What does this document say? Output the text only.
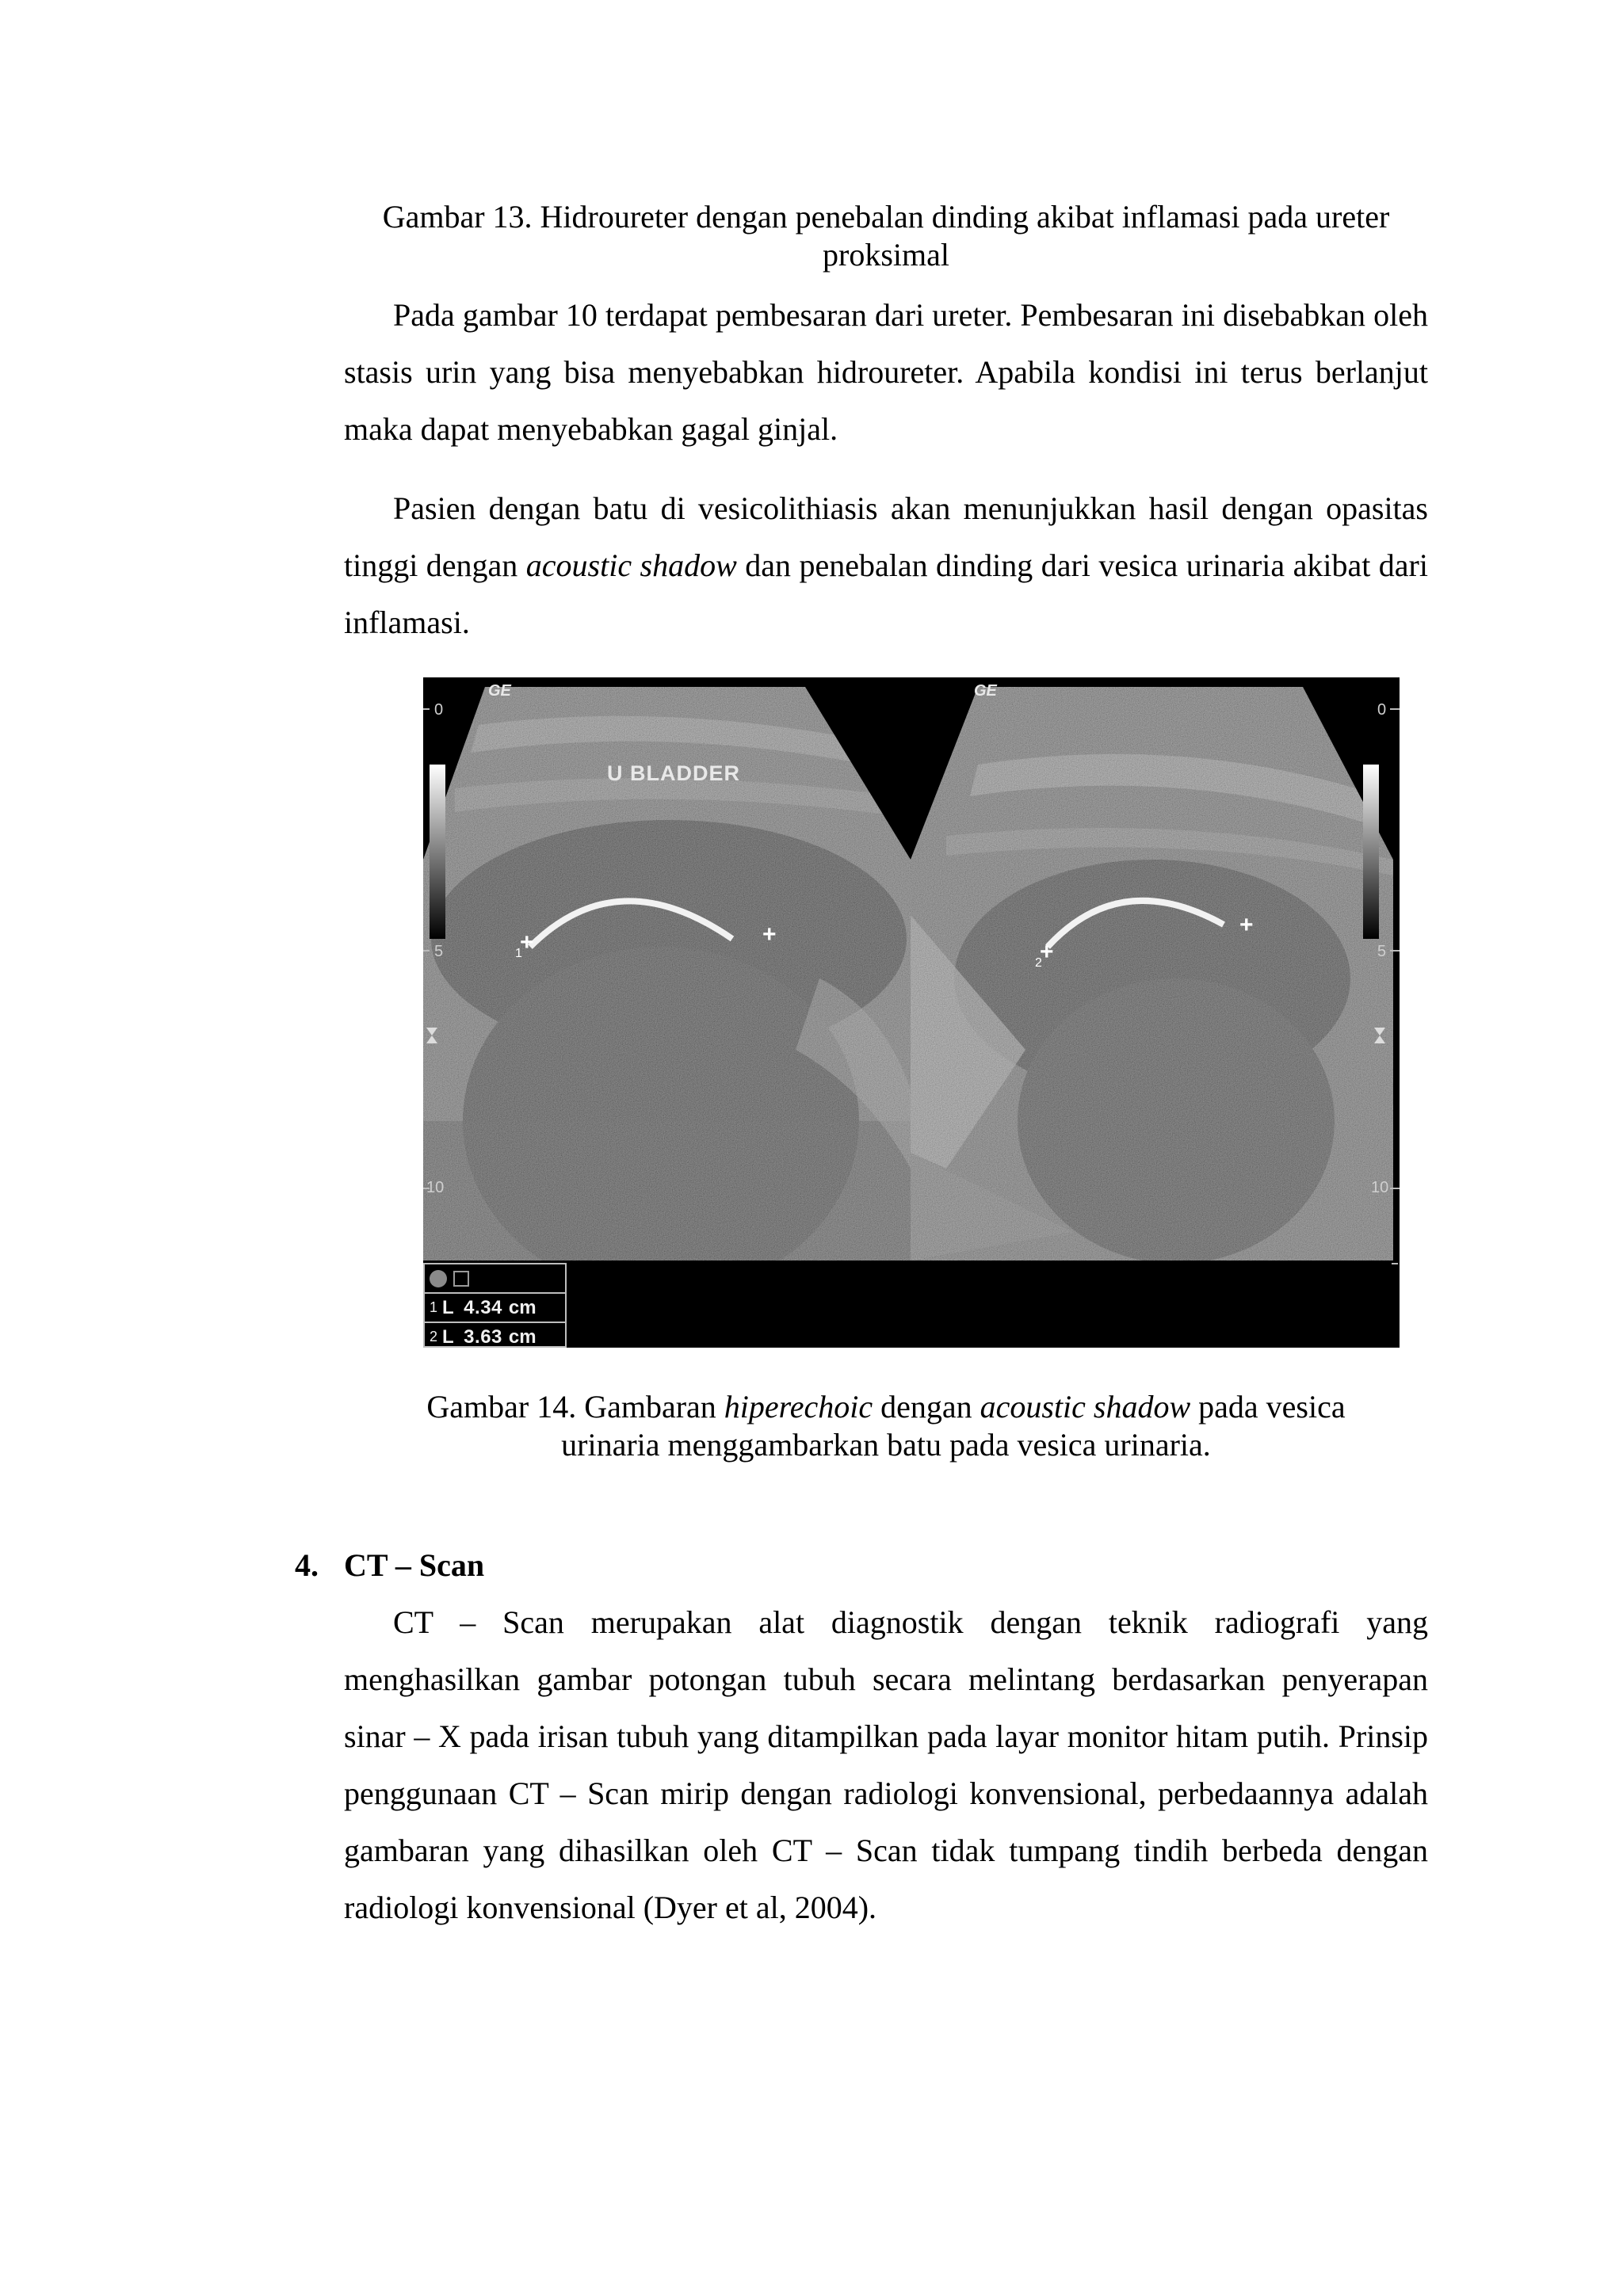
Gambar 13. Hidroureter dengan penebalan dinding akibat inflamasi pada ureter
proksimal
Pada gambar 10 terdapat pembesaran dari ureter. Pembesaran ini disebabkan oleh stasis urin yang bisa menyebabkan hidroureter. Apabila kondisi ini terus berlanjut maka dapat menyebabkan gagal ginjal.
Pasien dengan batu di vesicolithiasis akan menunjukkan hasil dengan opasitas tinggi dengan acoustic shadow dan penebalan dinding dari vesica urinaria akibat dari inflamasi.
GE	GE
U BLADDER
0
5
10
0
5
10
+
1
+
+
2
+
1 L 4.34 cm
2 L 3.63 cm
Gambar 14. Gambaran hiperechoic dengan acoustic shadow pada vesica
urinaria menggambarkan batu pada vesica urinaria.
4. CT – Scan
CT – Scan merupakan alat diagnostik dengan teknik radiografi yang menghasilkan gambar potongan tubuh secara melintang berdasarkan penyerapan sinar – X pada irisan tubuh yang ditampilkan pada layar monitor hitam putih. Prinsip penggunaan CT – Scan mirip dengan radiologi konvensional, perbedaannya adalah gambaran yang dihasilkan oleh CT – Scan tidak tumpang tindih berbeda dengan radiologi konvensional (Dyer et al, 2004).
